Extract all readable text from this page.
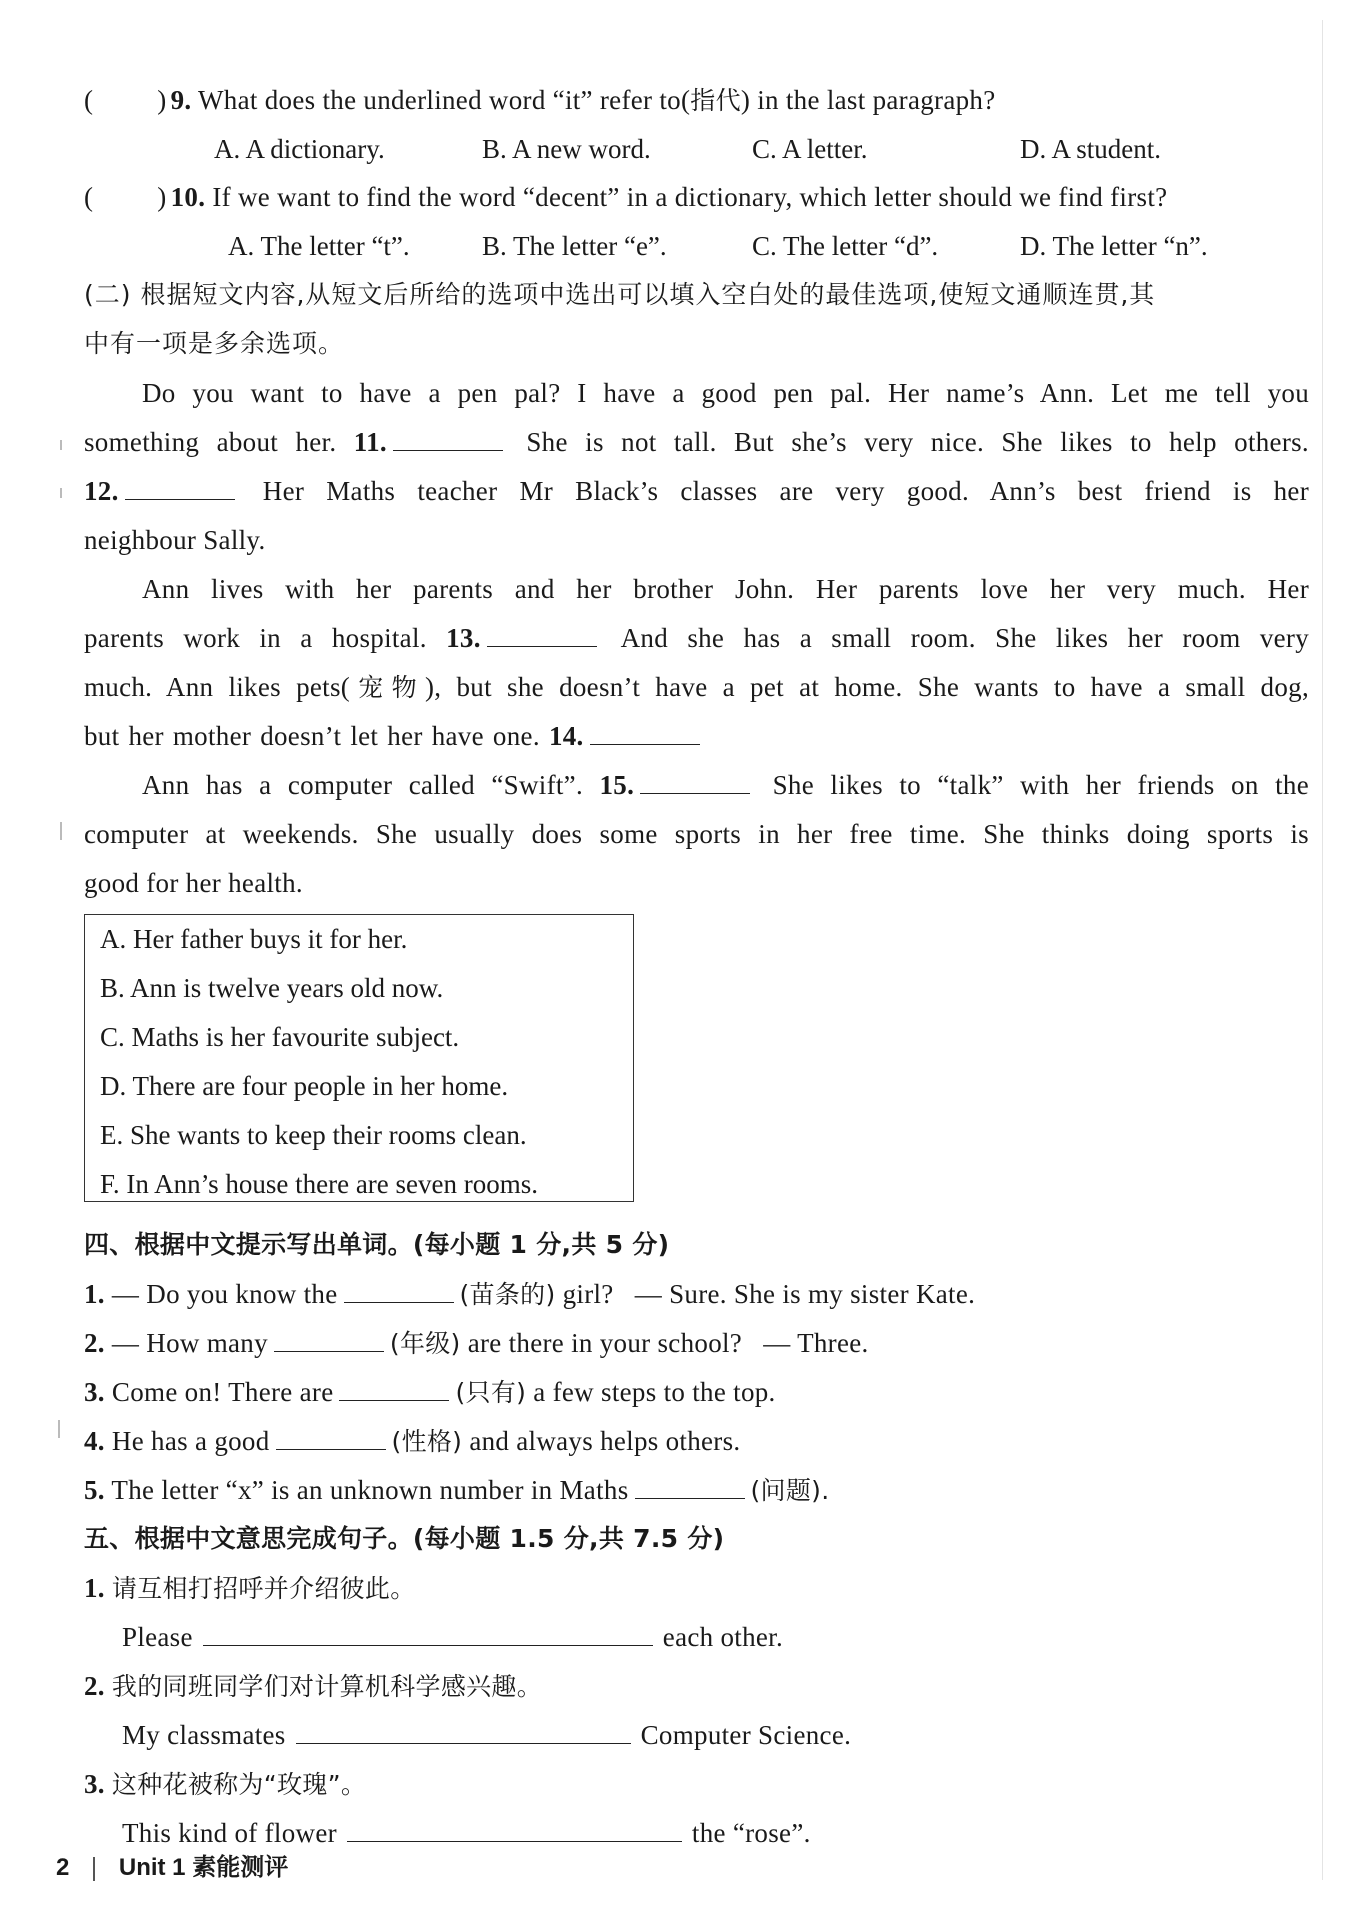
( ) 9. What does the underlined word “it” refer to(指代) in the last paragraph?
A. A dictionary.	B. A new word.	C. A letter.	D. A student.
( ) 10. If we want to find the word “decent” in a dictionary, which letter should we find first?
A. The letter “t”.	B. The letter “e”.	C. The letter “d”.	D. The letter “n”.
(二) 根据短文内容,从短文后所给的选项中选出可以填入空白处的最佳选项,使短文通顺连贯,其
中有一项是多余选项。
Do you want to have a pen pal? I have a good pen pal. Her name’s Ann. Let me tell you
something about her. 11.	She is not tall. But she’s very nice. She likes to help others.
12.	Her Maths teacher Mr Black’s classes are very good. Ann’s best friend is her
neighbour Sally.
Ann lives with her parents and her brother John. Her parents love her very much. Her
parents work in a hospital. 13.	And she has a small room. She likes her room very
much. Ann likes pets(宠物), but she doesn’t have a pet at home. She wants to have a small dog,
but her mother doesn’t let her have one. 14.
Ann has a computer called “Swift”. 15.	She likes to “talk” with her friends on the
computer at weekends. She usually does some sports in her free time. She thinks doing sports is
good for her health.
A. Her father buys it for her.
B. Ann is twelve years old now.
C. Maths is her favourite subject.
D. There are four people in her home.
E. She wants to keep their rooms clean.
F. In Ann’s house there are seven rooms.
四、根据中文提示写出单词。(每小题 1 分,共 5 分)
1. — Do you know the	(苗条的) girl?   — Sure. She is my sister Kate.
2. — How many	(年级) are there in your school?   — Three.
3. Come on! There are	(只有) a few steps to the top.
4. He has a good	(性格) and always helps others.
5. The letter “x” is an unknown number in Maths	(问题).
五、根据中文意思完成句子。(每小题 1.5 分,共 7.5 分)
1. 请互相打招呼并介绍彼此。
Please	each other.
2. 我的同班同学们对计算机科学感兴趣。
My classmates	Computer Science.
3. 这种花被称为“玫瑰”。
This kind of flower	the “rose”.
2 Unit 1 素能测评
